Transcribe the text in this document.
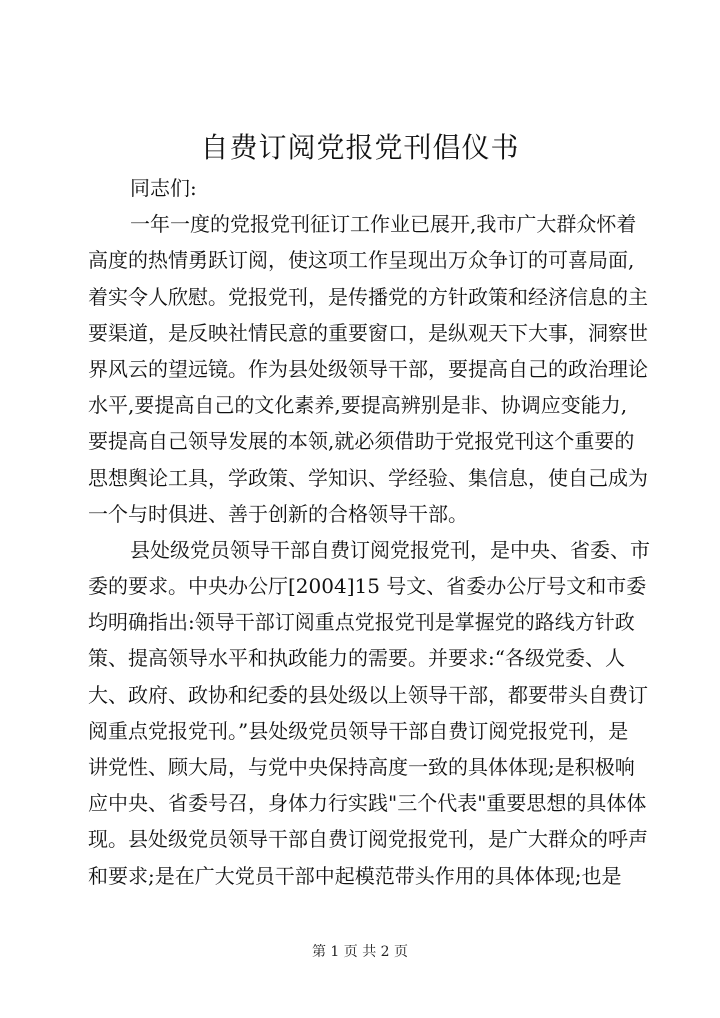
自费订阅党报党刊倡仪书
同志们:
一年一度的党报党刊征订工作业已展开,我市广大群众怀着
高度的热情勇跃订阅，使这项工作呈现出万众争订的可喜局面,
着实令人欣慰。党报党刊，是传播党的方针政策和经济信息的主
要渠道，是反映社情民意的重要窗口，是纵观天下大事，洞察世
界风云的望远镜。作为县处级领导干部，要提高自己的政治理论
水平,要提高自己的文化素养,要提高辨别是非、协调应变能力,
要提高自己领导发展的本领,就必须借助于党报党刊这个重要的
思想舆论工具，学政策、学知识、学经验、集信息，使自己成为
一个与时俱进、善于创新的合格领导干部。
县处级党员领导干部自费订阅党报党刊，是中央、省委、市
委的要求。中央办公厅[2004]15 号文、省委办公厅号文和市委
均明确指出:领导干部订阅重点党报党刊是掌握党的路线方针政
策、提高领导水平和执政能力的需要。并要求:“各级党委、人
大、政府、政协和纪委的县处级以上领导干部，都要带头自费订
阅重点党报党刊。”县处级党员领导干部自费订阅党报党刊，是
讲党性、顾大局，与党中央保持高度一致的具体体现;是积极响
应中央、省委号召，身体力行实践"三个代表"重要思想的具体体
现。县处级党员领导干部自费订阅党报党刊，是广大群众的呼声
和要求;是在广大党员干部中起模范带头作用的具体体现;也是
第 1 页 共 2 页
